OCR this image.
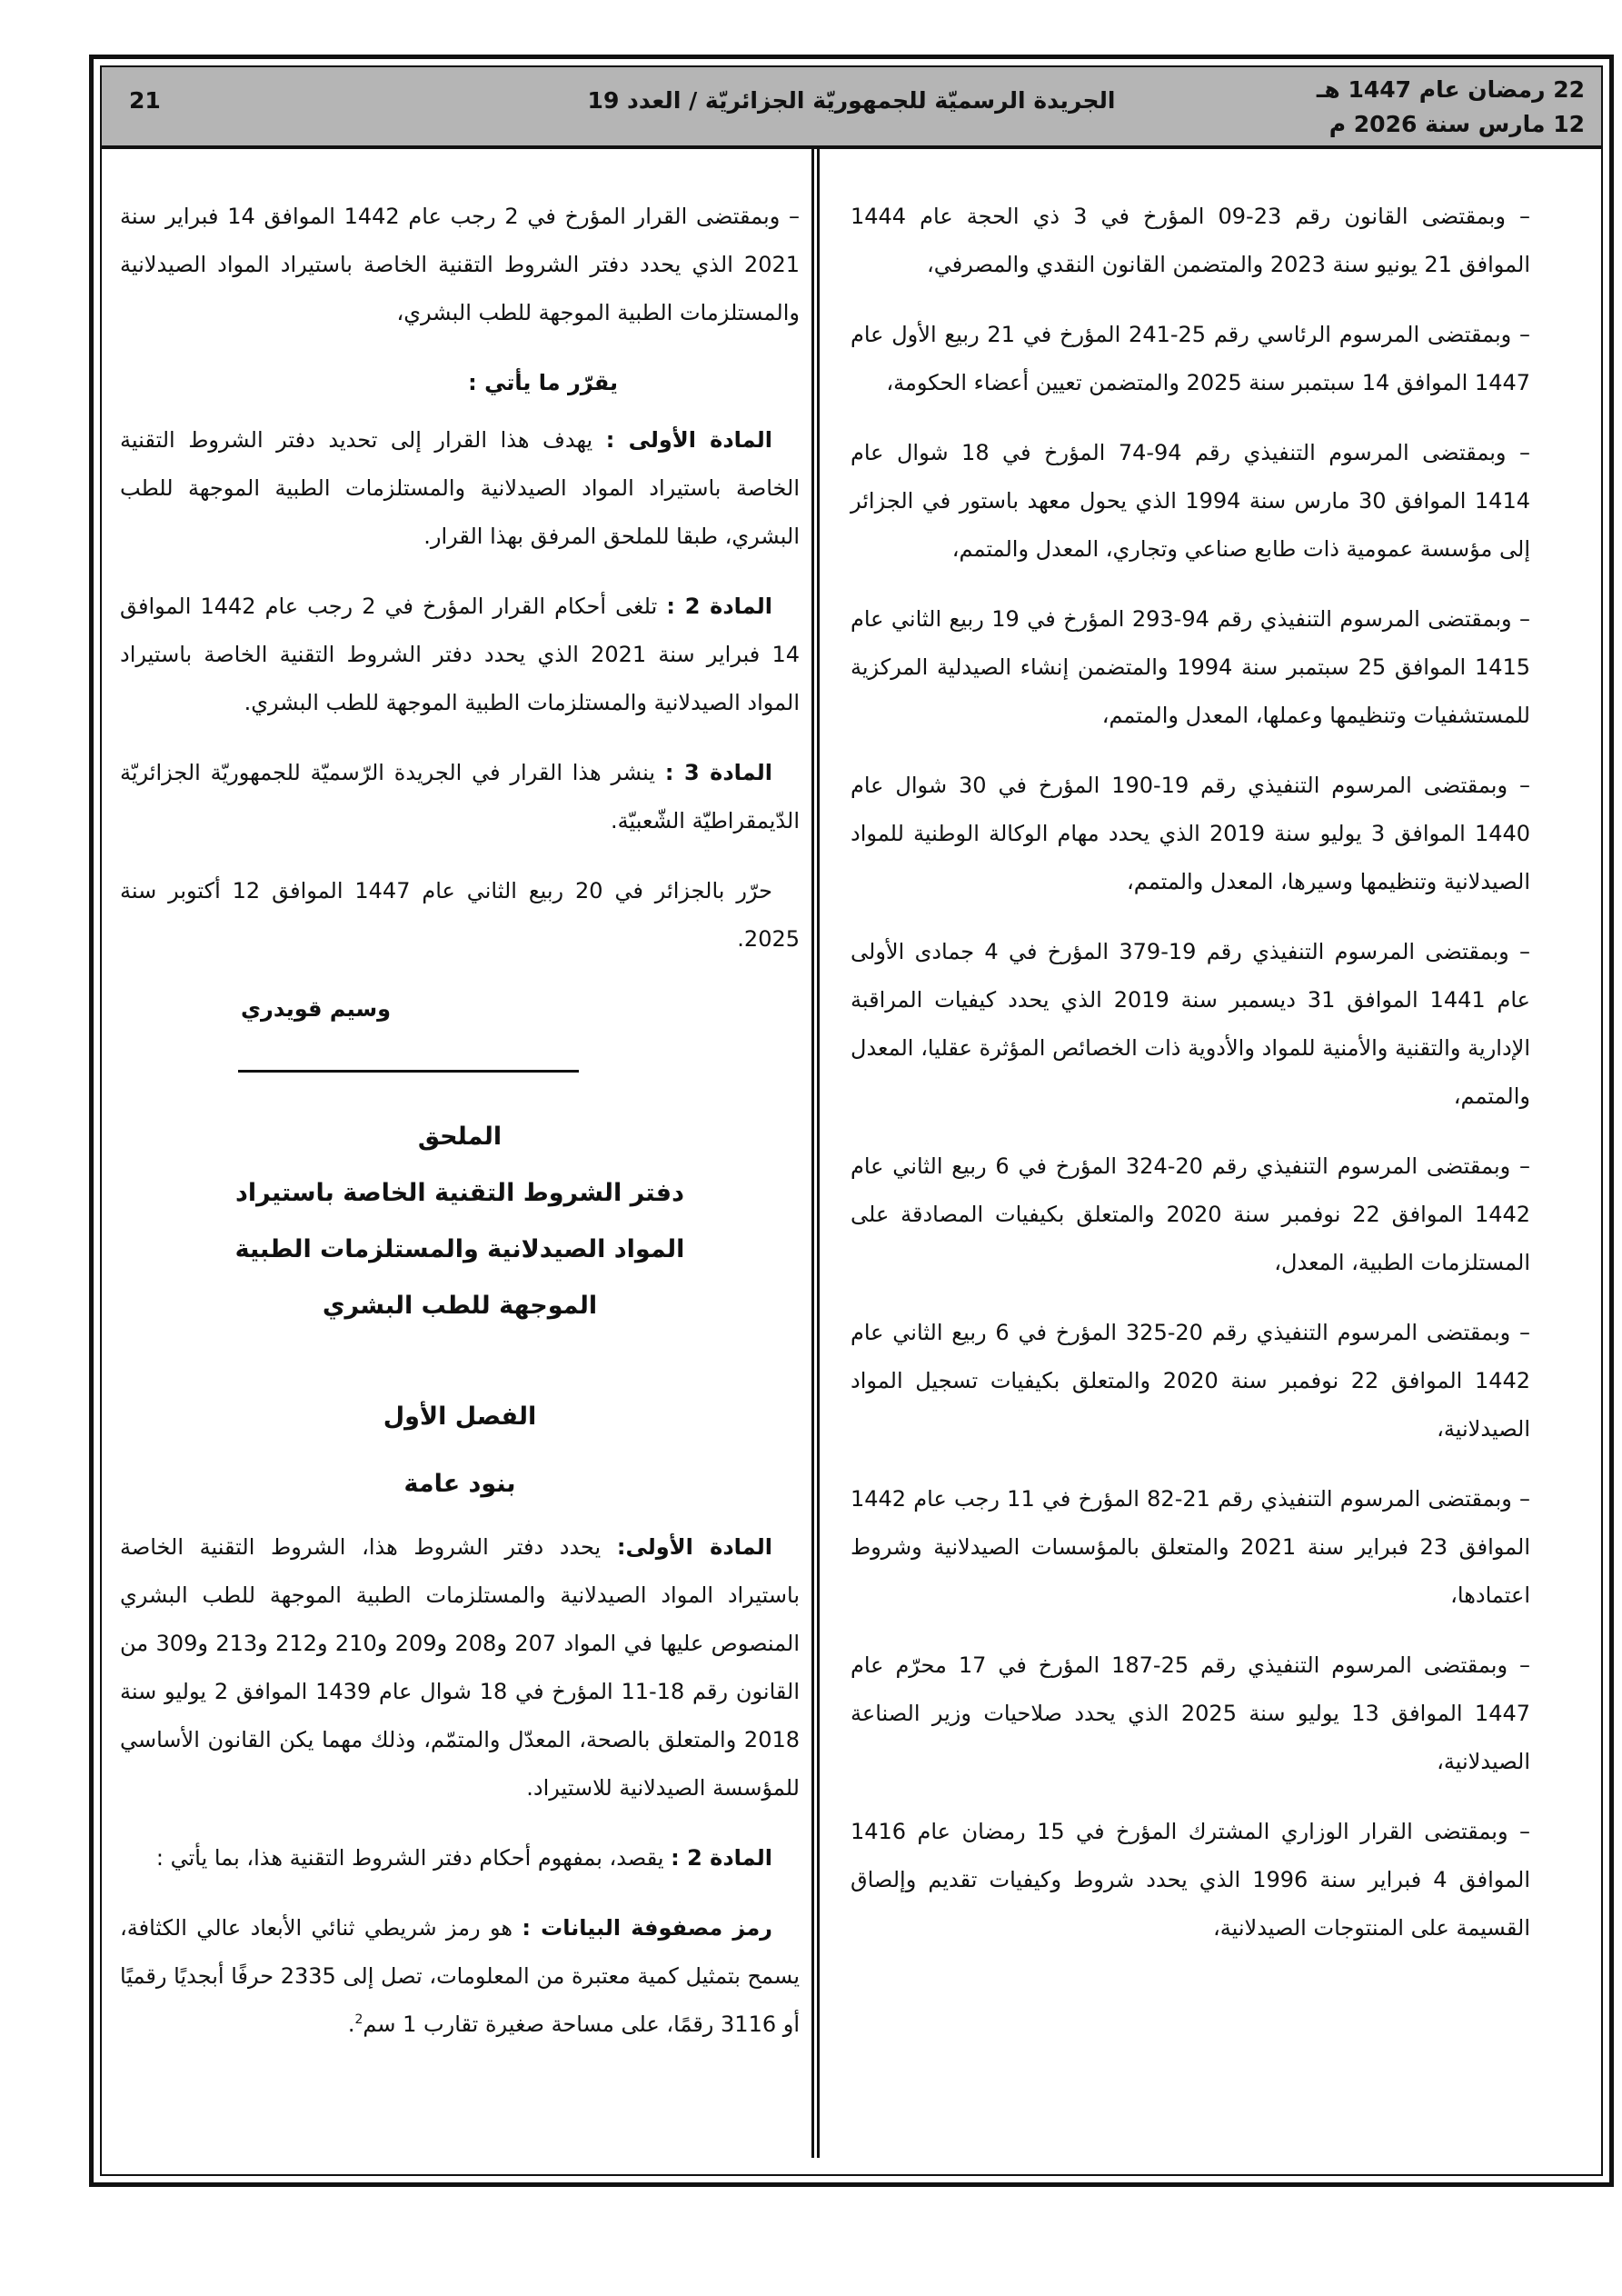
22 رمضان عام 1447 هـ
12 مارس سنة 2026 م
الجريدة الرسميّة للجمهوريّة الجزائريّة / العدد 19
21

– وبمقتضى القانون رقم 23-09 المؤرخ في 3 ذي الحجة عام 1444 الموافق 21 يونيو سنة 2023 والمتضمن القانون النقدي والمصرفي،

– وبمقتضى المرسوم الرئاسي رقم 25-241 المؤرخ في 21 ربيع الأول عام 1447 الموافق 14 سبتمبر سنة 2025 والمتضمن تعيين أعضاء الحكومة،

– وبمقتضى المرسوم التنفيذي رقم 94-74 المؤرخ في 18 شوال عام 1414 الموافق 30 مارس سنة 1994 الذي يحول معهد باستور في الجزائر إلى مؤسسة عمومية ذات طابع صناعي وتجاري، المعدل والمتمم،

– وبمقتضى المرسوم التنفيذي رقم 94-293 المؤرخ في 19 ربيع الثاني عام 1415 الموافق 25 سبتمبر سنة 1994 والمتضمن إنشاء الصيدلية المركزية للمستشفيات وتنظيمها وعملها، المعدل والمتمم،

– وبمقتضى المرسوم التنفيذي رقم 19-190 المؤرخ في 30 شوال عام 1440 الموافق 3 يوليو سنة 2019 الذي يحدد مهام الوكالة الوطنية للمواد الصيدلانية وتنظيمها وسيرها، المعدل والمتمم،

– وبمقتضى المرسوم التنفيذي رقم 19-379 المؤرخ في 4 جمادى الأولى عام 1441 الموافق 31 ديسمبر سنة 2019 الذي يحدد كيفيات المراقبة الإدارية والتقنية والأمنية للمواد والأدوية ذات الخصائص المؤثرة عقليا، المعدل والمتمم،

– وبمقتضى المرسوم التنفيذي رقم 20-324 المؤرخ في 6 ربيع الثاني عام 1442 الموافق 22 نوفمبر سنة 2020 والمتعلق بكيفيات المصادقة على المستلزمات الطبية، المعدل،

– وبمقتضى المرسوم التنفيذي رقم 20-325 المؤرخ في 6 ربيع الثاني عام 1442 الموافق 22 نوفمبر سنة 2020 والمتعلق بكيفيات تسجيل المواد الصيدلانية،

– وبمقتضى المرسوم التنفيذي رقم 21-82 المؤرخ في 11 رجب عام 1442 الموافق 23 فبراير سنة 2021 والمتعلق بالمؤسسات الصيدلانية وشروط اعتمادها،

– وبمقتضى المرسوم التنفيذي رقم 25-187 المؤرخ في 17 محرّم عام 1447 الموافق 13 يوليو سنة 2025 الذي يحدد صلاحيات وزير الصناعة الصيدلانية،

– وبمقتضى القرار الوزاري المشترك المؤرخ في 15 رمضان عام 1416 الموافق 4 فبراير سنة 1996 الذي يحدد شروط وكيفيات تقديم وإلصاق القسيمة على المنتوجات الصيدلانية،

– وبمقتضى القرار المؤرخ في 2 رجب عام 1442 الموافق 14 فبراير سنة 2021 الذي يحدد دفتر الشروط التقنية الخاصة باستيراد المواد الصيدلانية والمستلزمات الطبية الموجهة للطب البشري،

يقرّر ما يأتي :

المادة الأولى : يهدف هذا القرار إلى تحديد دفتر الشروط التقنية الخاصة باستيراد المواد الصيدلانية والمستلزمات الطبية الموجهة للطب البشري، طبقا للملحق المرفق بهذا القرار.

المادة 2 : تلغى أحكام القرار المؤرخ في 2 رجب عام 1442 الموافق 14 فبراير سنة 2021 الذي يحدد دفتر الشروط التقنية الخاصة باستيراد المواد الصيدلانية والمستلزمات الطبية الموجهة للطب البشري.

المادة 3 : ينشر هذا القرار في الجريدة الرّسميّة للجمهوريّة الجزائريّة الدّيمقراطيّة الشّعبيّة.

حرّر بالجزائر في 20 ربيع الثاني عام 1447 الموافق 12 أكتوبر سنة 2025.

وسيم قويدري

الملحق
دفتر الشروط التقنية الخاصة باستيراد
المواد الصيدلانية والمستلزمات الطبية
الموجهة للطب البشري

الفصل الأول

بنود عامة

المادة الأولى: يحدد دفتر الشروط هذا، الشروط التقنية الخاصة باستيراد المواد الصيدلانية والمستلزمات الطبية الموجهة للطب البشري المنصوص عليها في المواد 207 و208 و209 و210 و212 و213 و309 من القانون رقم 18-11 المؤرخ في 18 شوال عام 1439 الموافق 2 يوليو سنة 2018 والمتعلق بالصحة، المعدّل والمتمّم، وذلك مهما يكن القانون الأساسي للمؤسسة الصيدلانية للاستيراد.

المادة 2 : يقصد، بمفهوم أحكام دفتر الشروط التقنية هذا، بما يأتي :

رمز مصفوفة البيانات : هو رمز شريطي ثنائي الأبعاد عالي الكثافة، يسمح بتمثيل كمية معتبرة من المعلومات، تصل إلى 2335 حرفًا أبجديًا رقميًا أو 3116 رقمًا، على مساحة صغيرة تقارب 1 سم$^2$.
